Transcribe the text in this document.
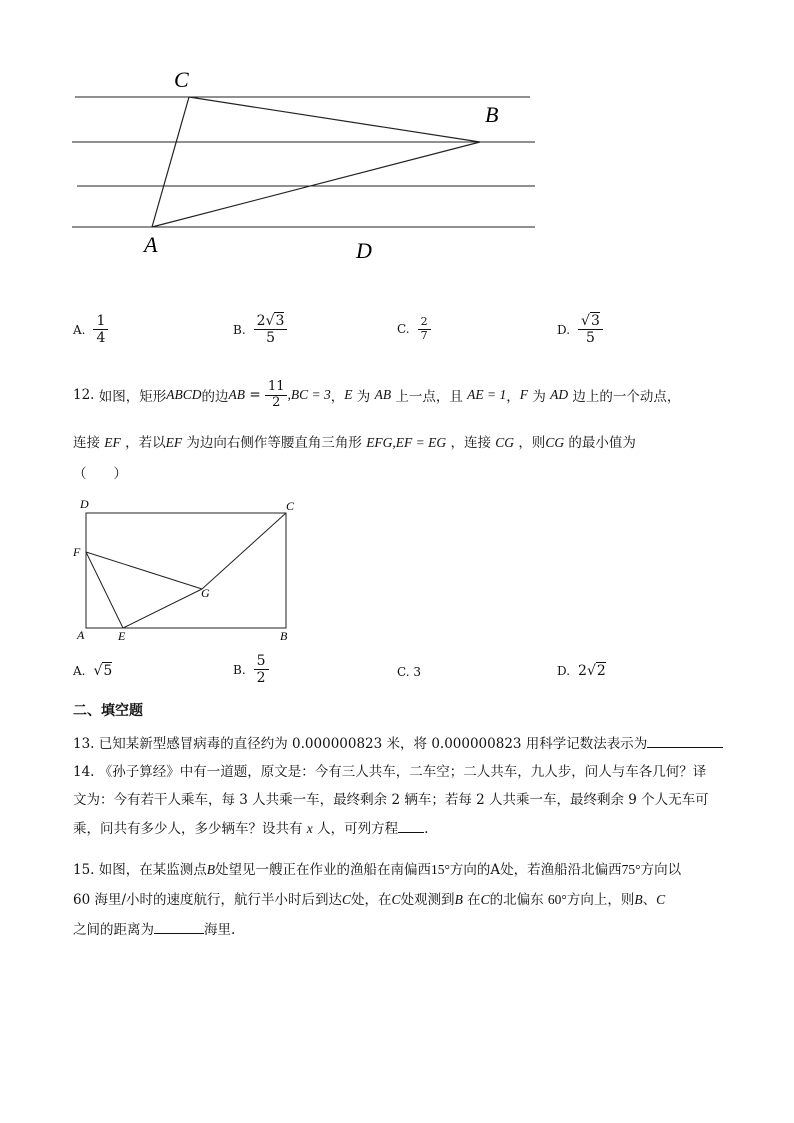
C
B
A	D
A. $\frac{1}{4}$	B. $\frac{2√3}{5}$	C. $\frac{2}{7}$	D. $\frac{√3}{5}$
12.
如图，矩形 ABCD 的边 AB
=
$\frac{11}{2} ,BC = 3$ ， E
为
AB
上一点，且
AE = 1 ， F
为
AD
边上的一个动点，
连接 EF ，若以EF 为边向右侧作等腰直角三角形 EFG,EF = EG ，连接 CG ，则CG 的最小值为
（　　）
D	C
F
G
A	E	B
A. √5	B. $\frac{5}{2}$	C. 3	D. 2√2
二、填空题
13. 已知某新型感冒病毒的直径约为 0.000000823 米，将 0.000000823 用科学记数法表示为
14. 《孙子算经》中有一道题，原文是：今有三人共车，二车空；二人共车，九人步，问人与车各几何？译
文为：今有若干人乘车，每 3 人共乘一车，最终剩余 2 辆车；若每 2 人共乘一车，最终剩余 9 个人无车可
乘，问共有多少人，多少辆车？设共有 x 人，可列方程 .
15. 如图，在某监测点B处望见一艘正在作业的渔船在南偏西15°方向的A处，若渔船沿北偏西75°方向以
60 海里/小时的速度航行，航行半小时后到达C处，在C处观测到B 在C的北偏东 60°方向上，则B、C
之间的距离为	海里.
